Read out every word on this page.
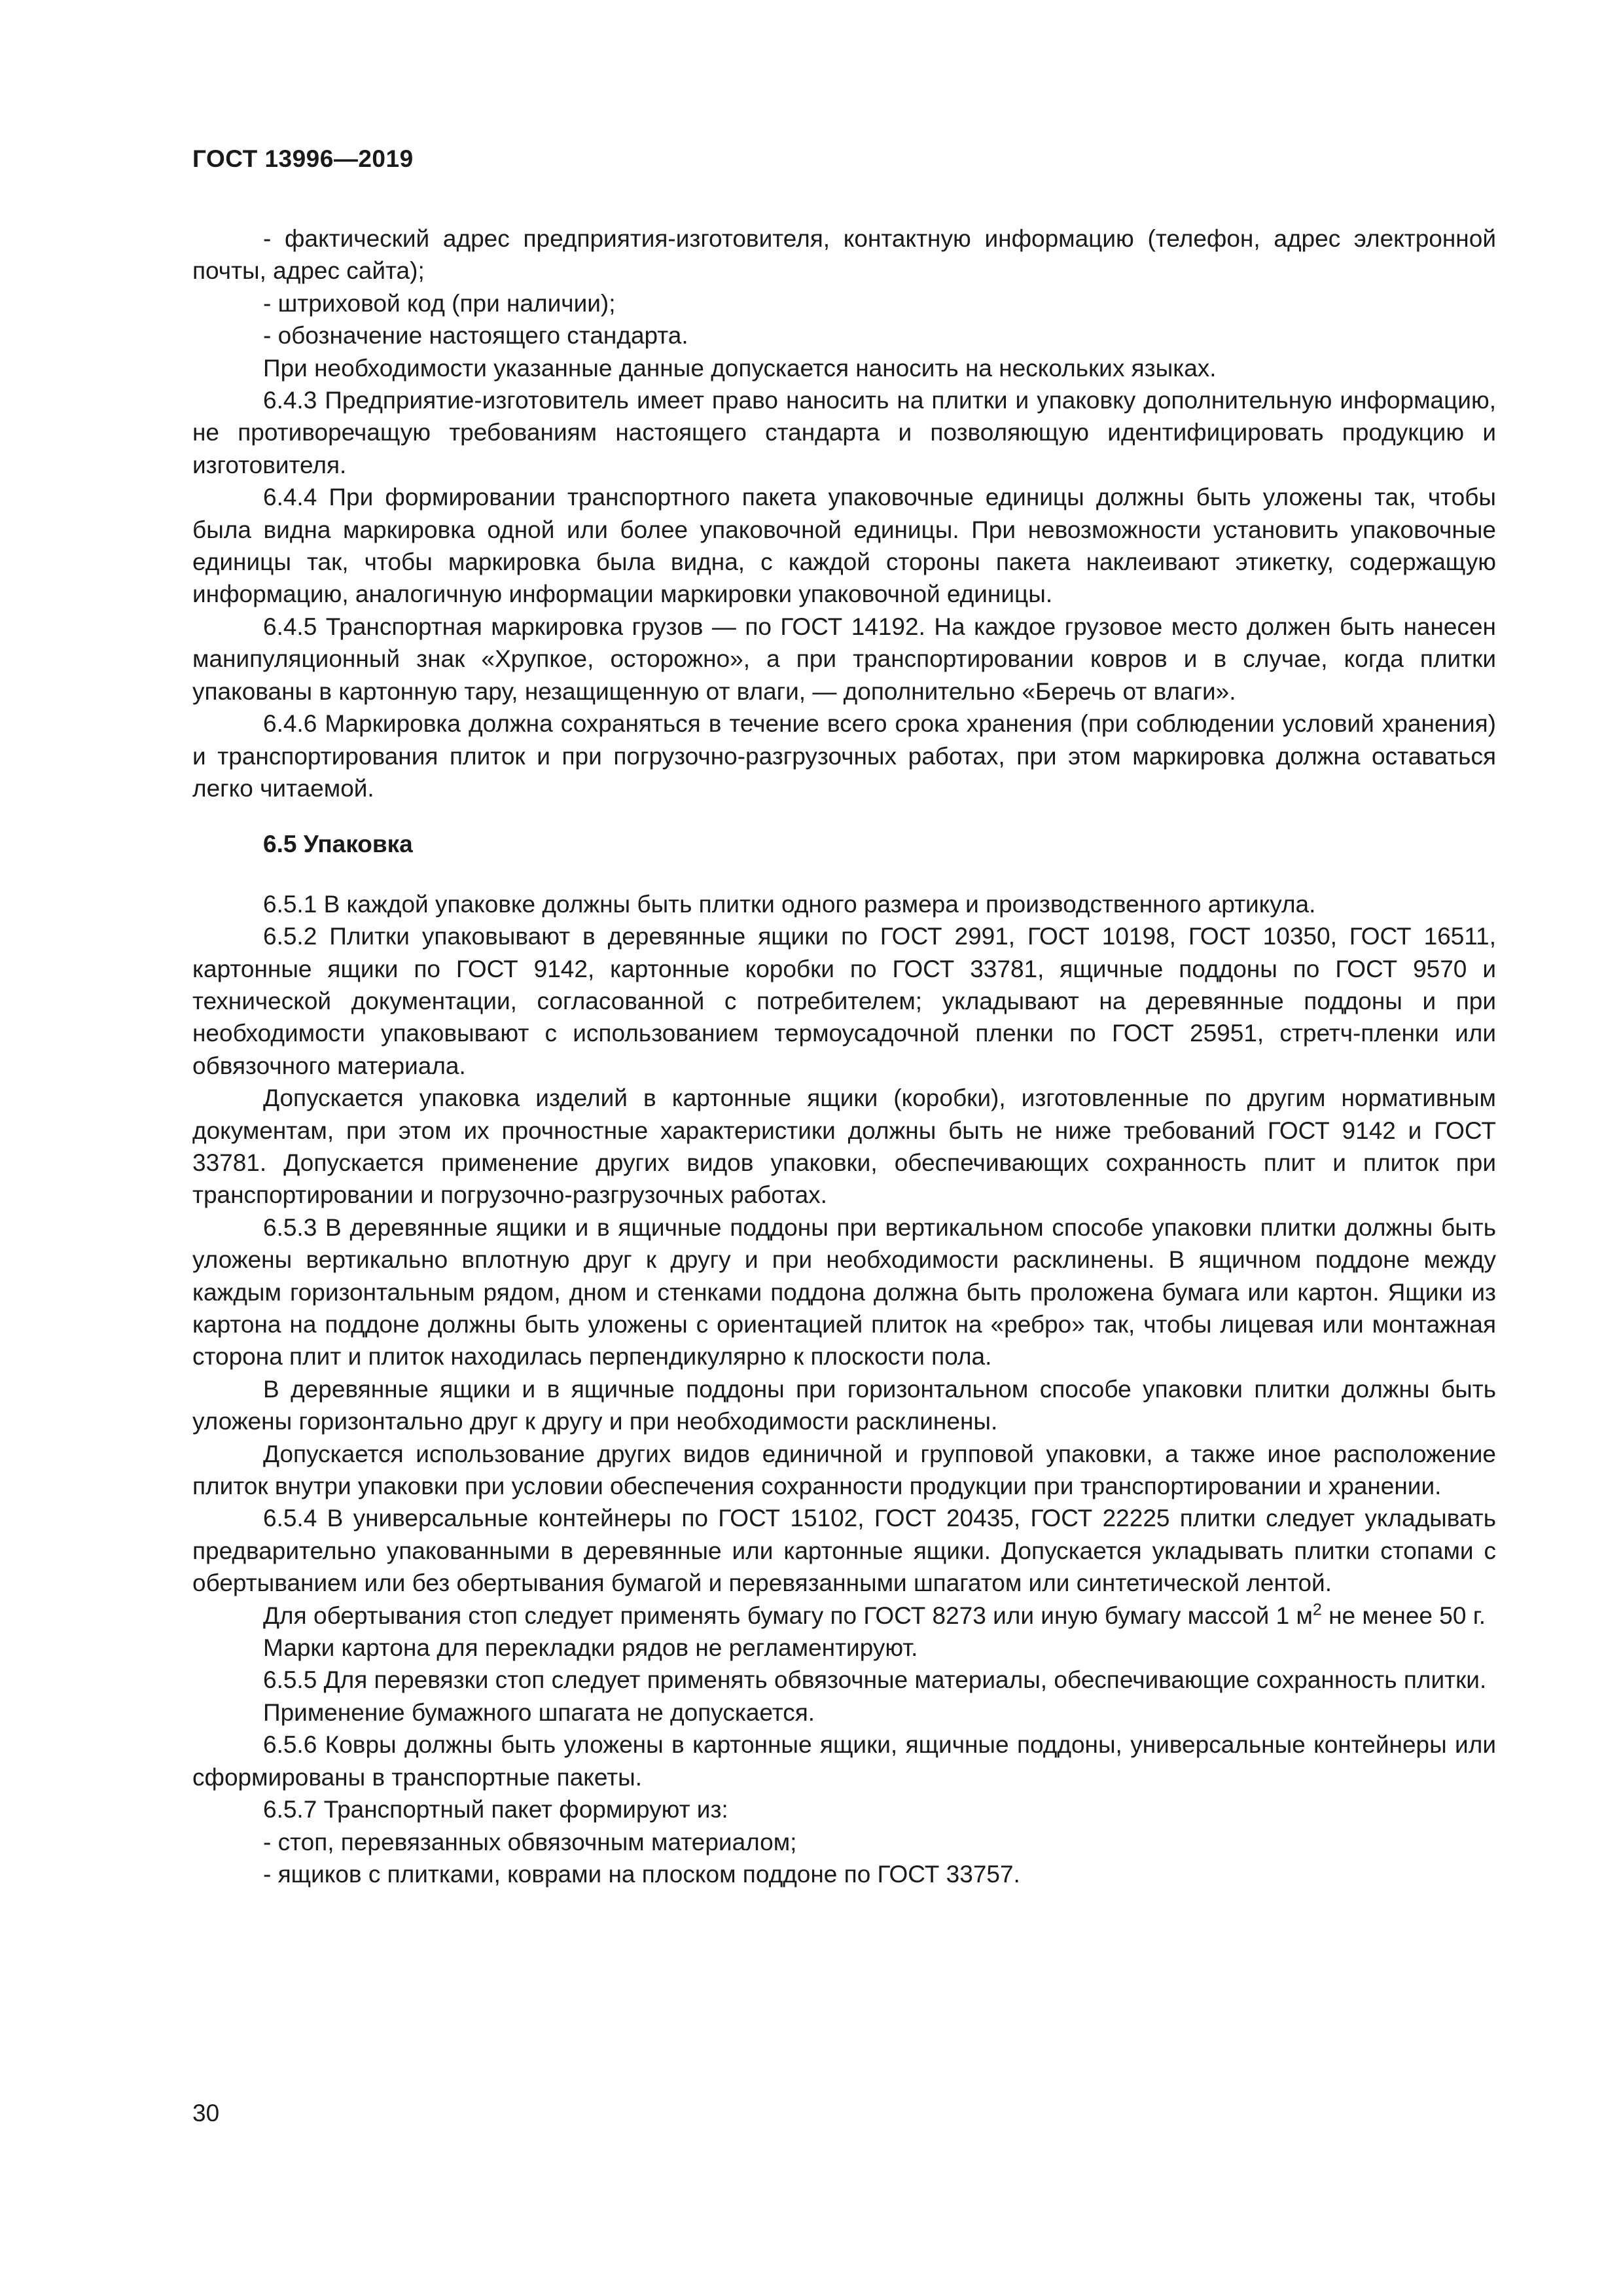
ГОСТ 13996—2019

- фактический адрес предприятия-изготовителя, контактную информацию (телефон, адрес электронной почты, адрес сайта);

- штриховой код (при наличии);

- обозначение настоящего стандарта.

При необходимости указанные данные допускается наносить на нескольких языках.

6.4.3 Предприятие-изготовитель имеет право наносить на плитки и упаковку дополнительную информацию, не противоречащую требованиям настоящего стандарта и позволяющую идентифицировать продукцию и изготовителя.

6.4.4 При формировании транспортного пакета упаковочные единицы должны быть уложены так, чтобы была видна маркировка одной или более упаковочной единицы. При невозможности установить упаковочные единицы так, чтобы маркировка была видна, с каждой стороны пакета наклеивают этикетку, содержащую информацию, аналогичную информации маркировки упаковочной единицы.

6.4.5 Транспортная маркировка грузов — по ГОСТ 14192. На каждое грузовое место должен быть нанесен манипуляционный знак «Хрупкое, осторожно», а при транспортировании ковров и в случае, когда плитки упакованы в картонную тару, незащищенную от влаги, — дополнительно «Беречь от влаги».

6.4.6 Маркировка должна сохраняться в течение всего срока хранения (при соблюдении условий хранения) и транспортирования плиток и при погрузочно-разгрузочных работах, при этом маркировка должна оставаться легко читаемой.

6.5 Упаковка

6.5.1 В каждой упаковке должны быть плитки одного размера и производственного артикула.

6.5.2 Плитки упаковывают в деревянные ящики по ГОСТ 2991, ГОСТ 10198, ГОСТ 10350, ГОСТ 16511, картонные ящики по ГОСТ 9142, картонные коробки по ГОСТ 33781, ящичные поддоны по ГОСТ 9570 и технической документации, согласованной с потребителем; укладывают на деревянные поддоны и при необходимости упаковывают с использованием термоусадочной пленки по ГОСТ 25951, стретч-пленки или обвязочного материала.

Допускается упаковка изделий в картонные ящики (коробки), изготовленные по другим нормативным документам, при этом их прочностные характеристики должны быть не ниже требований ГОСТ 9142 и ГОСТ 33781. Допускается применение других видов упаковки, обеспечивающих сохранность плит и плиток при транспортировании и погрузочно-разгрузочных работах.

6.5.3 В деревянные ящики и в ящичные поддоны при вертикальном способе упаковки плитки должны быть уложены вертикально вплотную друг к другу и при необходимости расклинены. В ящичном поддоне между каждым горизонтальным рядом, дном и стенками поддона должна быть проложена бумага или картон. Ящики из картона на поддоне должны быть уложены с ориентацией плиток на «ребро» так, чтобы лицевая или монтажная сторона плит и плиток находилась перпендикулярно к плоскости пола.

В деревянные ящики и в ящичные поддоны при горизонтальном способе упаковки плитки должны быть уложены горизонтально друг к другу и при необходимости расклинены.

Допускается использование других видов единичной и групповой упаковки, а также иное расположение плиток внутри упаковки при условии обеспечения сохранности продукции при транспортировании и хранении.

6.5.4 В универсальные контейнеры по ГОСТ 15102, ГОСТ 20435, ГОСТ 22225 плитки следует укладывать предварительно упакованными в деревянные или картонные ящики. Допускается укладывать плитки стопами с обертыванием или без обертывания бумагой и перевязанными шпагатом или синтетической лентой.

Для обертывания стоп следует применять бумагу по ГОСТ 8273 или иную бумагу массой 1 $м^2$ не менее 50 г.

Марки картона для перекладки рядов не регламентируют.

6.5.5 Для перевязки стоп следует применять обвязочные материалы, обеспечивающие сохранность плитки.

Применение бумажного шпагата не допускается.

6.5.6 Ковры должны быть уложены в картонные ящики, ящичные поддоны, универсальные контейнеры или сформированы в транспортные пакеты.

6.5.7 Транспортный пакет формируют из:

- стоп, перевязанных обвязочным материалом;

- ящиков с плитками, коврами на плоском поддоне по ГОСТ 33757.

30
